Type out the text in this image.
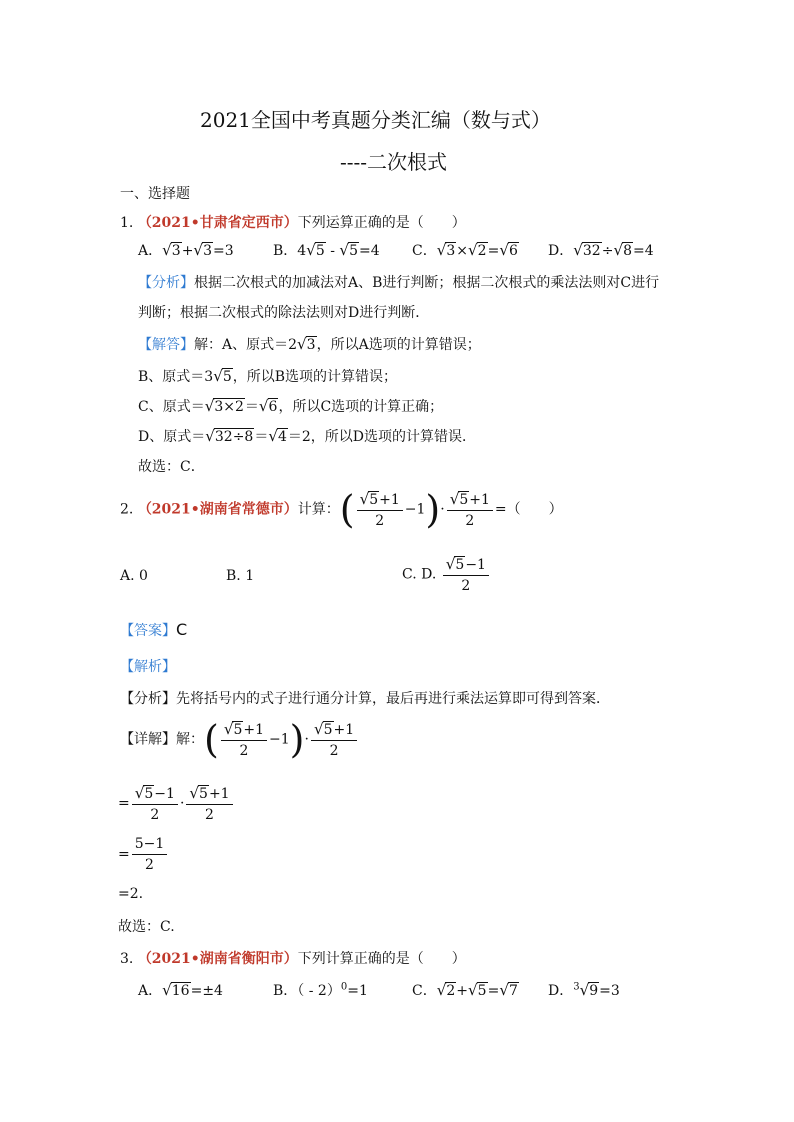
2021全国中考真题分类汇编（数与式）
----二次根式
一、选择题
1. （2021•甘肃省定西市）下列运算正确的是（　　）
A．√3+√3=3	B．4√5 - √5=4 C．√3×√2=√6 D．√32÷√8=4
【分析】根据二次根式的加减法对A、B进行判断；根据二次根式的乘法法则对C进行
判断；根据二次根式的除法法则对D进行判断．
【解答】解：A、原式＝2√3，所以A选项的计算错误；
B、原式＝3√5，所以B选项的计算错误；
C、原式＝√3×2＝√6，所以C选项的计算正确；
D、原式＝√32÷8＝√4＝2，所以D选项的计算错误．
故选：C．
2. （2021•湖南省常德市）计算：( $\frac{√5+1}{2} -1)\cdot \frac{√5+1}{2}$ =（　　）
A. 0	B. 1	C. D. $\frac{√5-1}{2}$
【答案】C
【解析】
【分析】先将括号内的式子进行通分计算，最后再进行乘法运算即可得到答案．
【详解】解：( $\frac{√5+1}{2} -1)\cdot \frac{√5+1}{2}$
= $\frac{√5-1}{2} \cdot \frac{√5+1}{2}$
= $\frac{5-1}{2}$
=2.
故选：C.
3. （2021•湖南省衡阳市）下列计算正确的是（　　）
A．√16=±4	B．（ - 2）$^0$=1	C．√2+√5=√7 D．$^3$√9=3
